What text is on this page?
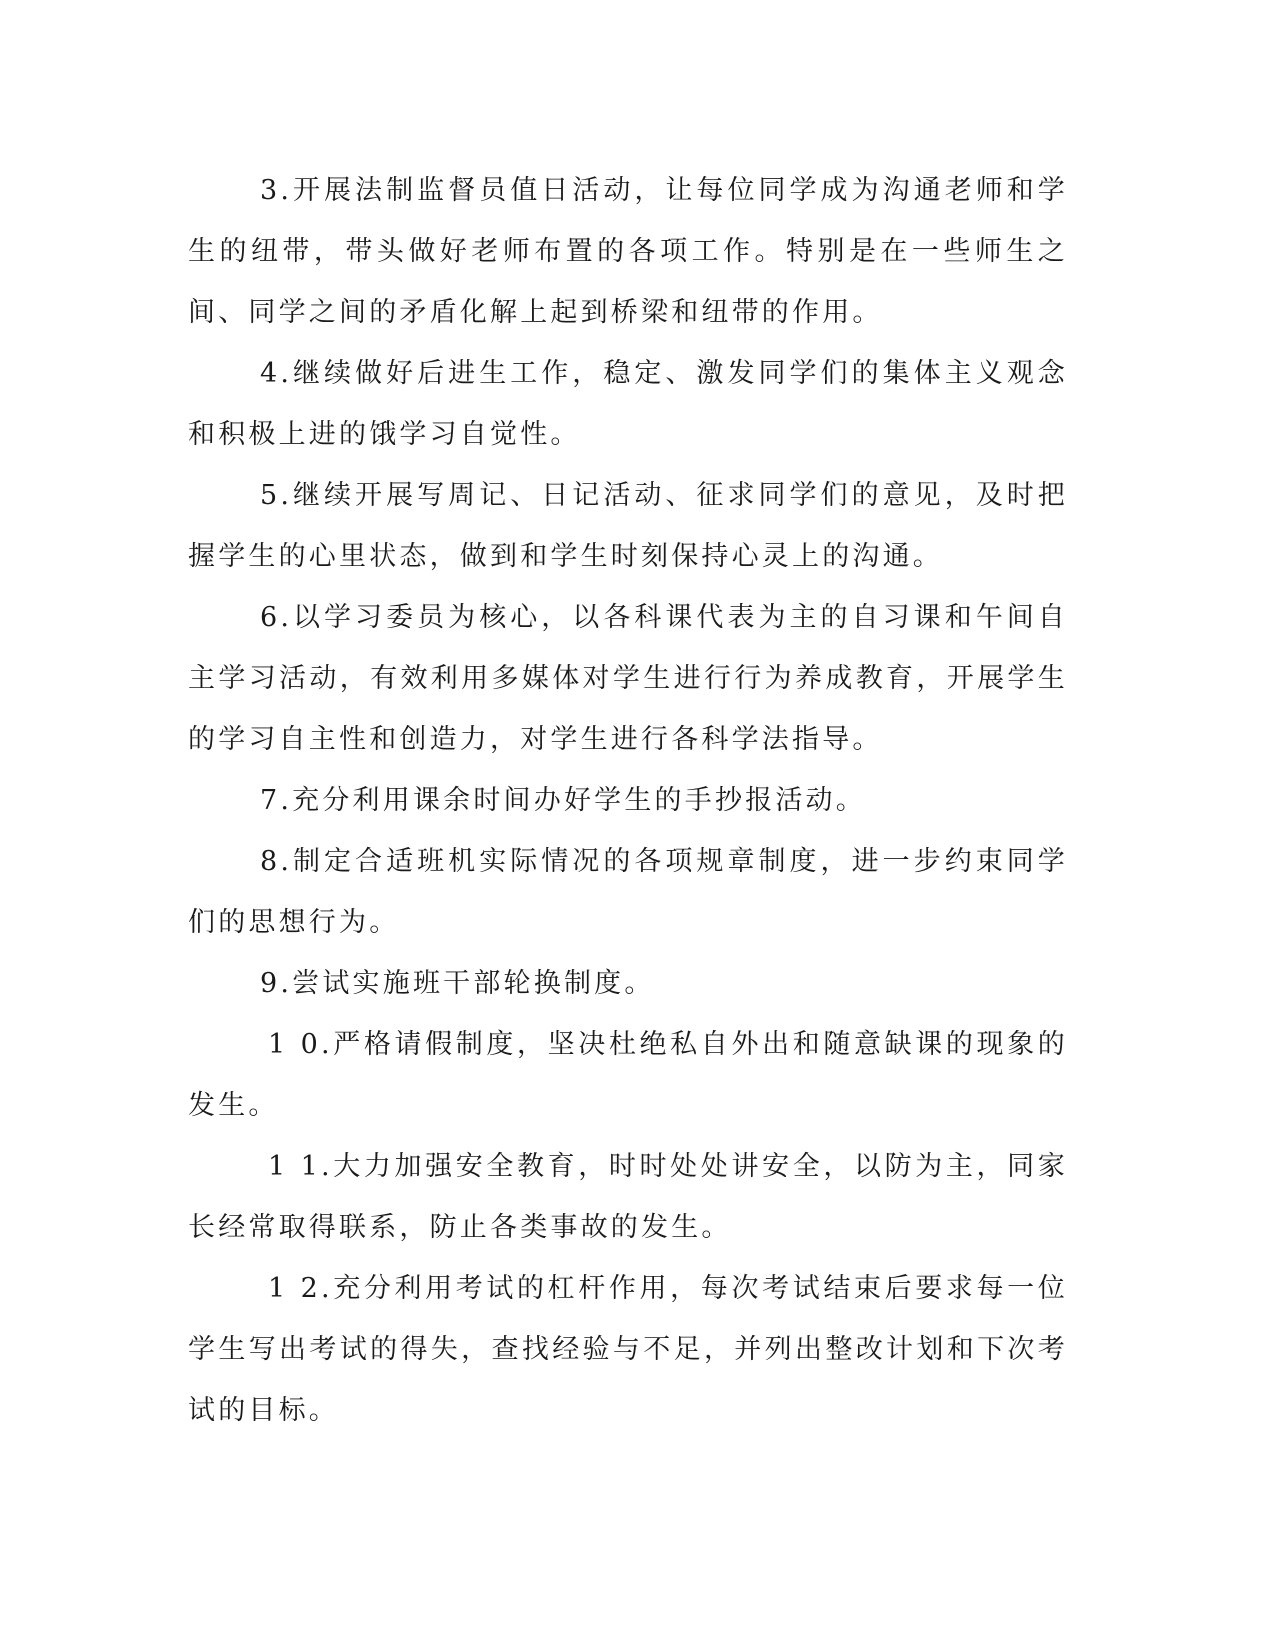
3.开展法制监督员值日活动，让每位同学成为沟通老师和学生的纽带，带头做好老师布置的各项工作。特别是在一些师生之间、同学之间的矛盾化解上起到桥梁和纽带的作用。

4.继续做好后进生工作，稳定、激发同学们的集体主义观念和积极上进的饿学习自觉性。

5.继续开展写周记、日记活动、征求同学们的意见，及时把握学生的心里状态，做到和学生时刻保持心灵上的沟通。

6.以学习委员为核心，以各科课代表为主的自习课和午间自主学习活动，有效利用多媒体对学生进行行为养成教育，开展学生的学习自主性和创造力，对学生进行各科学法指导。

7.充分利用课余时间办好学生的手抄报活动。

8.制定合适班机实际情况的各项规章制度，进一步约束同学们的思想行为。

9.尝试实施班干部轮换制度。

1 0.严格请假制度，坚决杜绝私自外出和随意缺课的现象的发生。

1 1.大力加强安全教育，时时处处讲安全，以防为主，同家长经常取得联系，防止各类事故的发生。

1 2.充分利用考试的杠杆作用，每次考试结束后要求每一位学生写出考试的得失，查找经验与不足，并列出整改计划和下次考试的目标。
